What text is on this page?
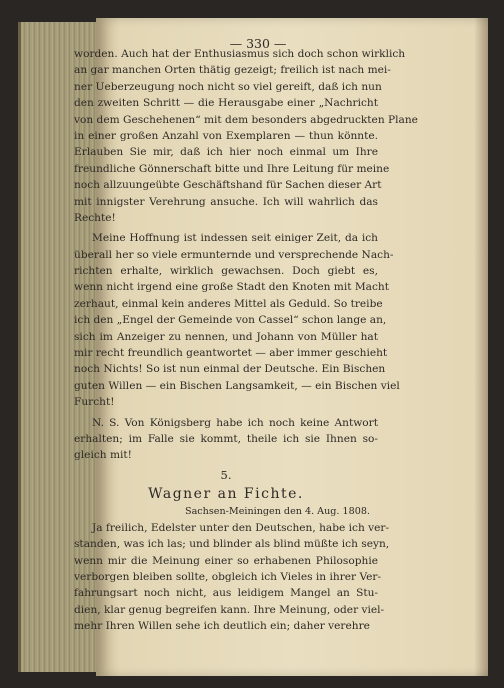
— 330 —
worden. Auch hat der Enthusiasmus sich doch schon wirklich
an gar manchen Orten thätig gezeigt; freilich ist nach mei-
ner Ueberzeugung noch nicht so viel gereift, daß ich nun
den zweiten Schritt — die Herausgabe einer „Nachricht
von dem Geschehenen“ mit dem besonders abgedruckten Plane
in einer großen Anzahl von Exemplaren — thun könnte.
Erlauben Sie mir, daß ich hier noch einmal um Ihre
freundliche Gönnerschaft bitte und Ihre Leitung für meine
noch allzuungeübte Geschäftshand für Sachen dieser Art
mit innigster Verehrung ansuche. Ich will wahrlich das
Rechte!
Meine Hoffnung ist indessen seit einiger Zeit, da ich
überall her so viele ermunternde und versprechende Nach-
richten erhalte, wirklich gewachsen. Doch giebt es,
wenn nicht irgend eine große Stadt den Knoten mit Macht
zerhaut, einmal kein anderes Mittel als Geduld. So treibe
ich den „Engel der Gemeinde von Cassel“ schon lange an,
sich im Anzeiger zu nennen, und Johann von Müller hat
mir recht freundlich geantwortet — aber immer geschieht
noch Nichts! So ist nun einmal der Deutsche. Ein Bischen
guten Willen — ein Bischen Langsamkeit, — ein Bischen viel
Furcht!
N. S. Von Königsberg habe ich noch keine Antwort
erhalten; im Falle sie kommt, theile ich sie Ihnen so-
gleich mit!
5.
Wagner an Fichte.
Sachsen-Meiningen den 4. Aug. 1808.
Ja freilich, Edelster unter den Deutschen, habe ich ver-
standen, was ich las; und blinder als blind müßte ich seyn,
wenn mir die Meinung einer so erhabenen Philosophie
verborgen bleiben sollte, obgleich ich Vieles in ihrer Ver-
fahrungsart noch nicht, aus leidigem Mangel an Stu-
dien, klar genug begreifen kann. Ihre Meinung, oder viel-
mehr Ihren Willen sehe ich deutlich ein; daher verehre
